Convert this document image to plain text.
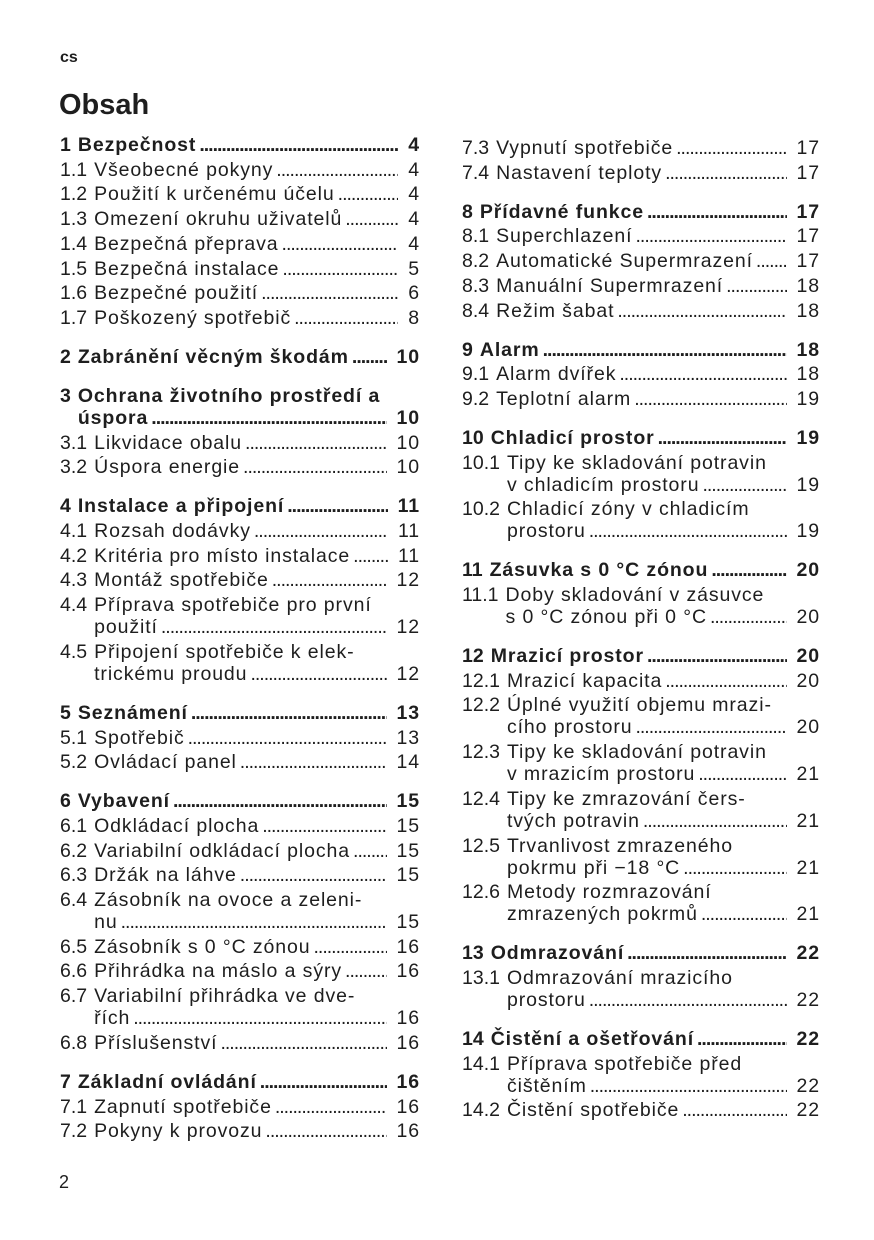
cs
Obsah
1 Bezpečnost .....	4
1.1 Všeobecné pokyny .....	4
1.2 Použití k určenému účelu .....	4
1.3 Omezení okruhu uživatelů .....	4
1.4 Bezpečná přeprava .....	4
1.5 Bezpečná instalace .....	5
1.6 Bezpečné použití .....	6
1.7 Poškozený spotřebič .....	8
2 Zabránění věcným škodám ..... 10
3 Ochrana životního prostředí a
úspora .....	10
3.1 Likvidace obalu .....	10
3.2 Úspora energie .....	10
4 Instalace a připojení .....	11
4.1 Rozsah dodávky .....	11
4.2 Kritéria pro místo instalace ..... 11
4.3 Montáž spotřebiče .....	12
4.4 Příprava spotřebiče pro první
použití .....	12
4.5 Připojení spotřebiče k elek-
trickému proudu .....	12
5 Seznámení .....	13
5.1 Spotřebič .....	13
5.2 Ovládací panel .....	14
6 Vybavení .....	15
6.1 Odkládací plocha .....	15
6.2 Variabilní odkládací plocha ..... 15
6.3 Držák na láhve .....	15
6.4 Zásobník na ovoce a zeleni-
nu .....	15
6.5 Zásobník s 0 °C zónou .....	16
6.6 Přihrádka na máslo a sýry .....	16
6.7 Variabilní přihrádka ve dve-
řích .....	16
6.8 Příslušenství .....	16
7 Základní ovládání .....	16
7.1 Zapnutí spotřebiče .....	16
7.2 Pokyny k provozu .....	16
7.3 Vypnutí spotřebiče .....	17
7.4 Nastavení teploty .....	17
8 Přídavné funkce .....	17
8.1 Superchlazení .....	17
8.2 Automatické Supermrazení ..... 17
8.3 Manuální Supermrazení .....	18
8.4 Režim šabat .....	18
9 Alarm .....	18
9.1 Alarm dvířek .....	18
9.2 Teplotní alarm .....	19
10 Chladicí prostor .....	19
10.1 Tipy ke skladování potravin
v chladicím prostoru .....	19
10.2 Chladicí zóny v chladicím
prostoru .....	19
11 Zásuvka s 0 °C zónou .....	20
11.1 Doby skladování v zásuvce
s 0 °C zónou při 0 °C .....	20
12 Mrazicí prostor .....	20
12.1 Mrazicí kapacita .....	20
12.2 Úplné využití objemu mrazi-
cího prostoru .....	20
12.3 Tipy ke skladování potravin
v mrazicím prostoru .....	21
12.4 Tipy ke zmrazování čers-
tvých potravin .....	21
12.5 Trvanlivost zmrazeného
pokrmu při −18 °C .....	21
12.6 Metody rozmrazování
zmrazených pokrmů .....	21
13 Odmrazování .....	22
13.1 Odmrazování mrazicího
prostoru .....	22
14 Čistění a ošetřování .....	22
14.1 Příprava spotřebiče před
čištěním .....	22
14.2 Čistění spotřebiče .....	22
2
